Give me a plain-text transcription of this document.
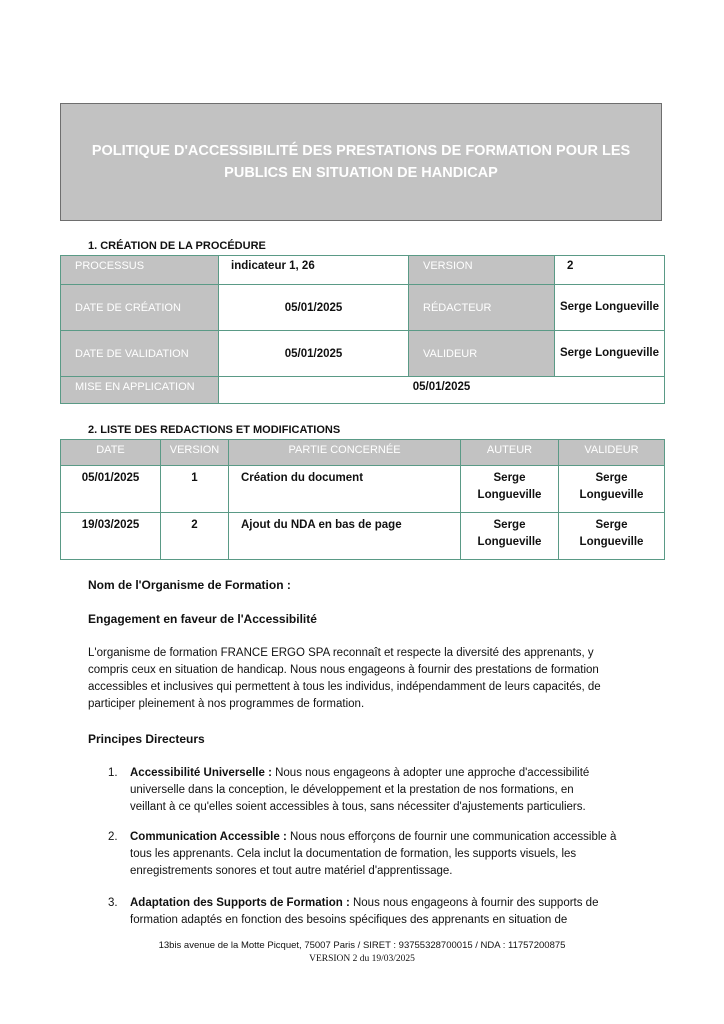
POLITIQUE D'ACCESSIBILITÉ DES PRESTATIONS DE FORMATION POUR LES
PUBLICS EN SITUATION DE HANDICAP
1. CRÉATION DE LA PROCÉDURE
PROCESSUS	indicateur 1, 26	VERSION	2
DATE DE CRÉATION	05/01/2025	RÉDACTEUR	Serge Longueville
DATE DE VALIDATION	05/01/2025	VALIDEUR	Serge Longueville
MISE EN APPLICATION	05/01/2025		
2. LISTE DES REDACTIONS ET MODIFICATIONS
DATE	VERSION	PARTIE CONCERNÉE	AUTEUR	VALIDEUR
05/01/2025	1	Création du document	Serge Longueville	Serge Longueville
19/03/2025	2	Ajout du NDA en bas de page	Serge Longueville	Serge Longueville
Nom de l'Organisme de Formation :
Engagement en faveur de l'Accessibilité
L'organisme de formation FRANCE ERGO SPA reconnaît et respecte la diversité des apprenants, y
compris ceux en situation de handicap. Nous nous engageons à fournir des prestations de formation
accessibles et inclusives qui permettent à tous les individus, indépendamment de leurs capacités, de
participer pleinement à nos programmes de formation.
Principes Directeurs
1. Accessibilité Universelle : Nous nous engageons à adopter une approche d'accessibilité
universelle dans la conception, le développement et la prestation de nos formations, en
veillant à ce qu'elles soient accessibles à tous, sans nécessiter d'ajustements particuliers.
2. Communication Accessible : Nous nous efforçons de fournir une communication accessible à
tous les apprenants. Cela inclut la documentation de formation, les supports visuels, les
enregistrements sonores et tout autre matériel d'apprentissage.
3. Adaptation des Supports de Formation : Nous nous engageons à fournir des supports de
formation adaptés en fonction des besoins spécifiques des apprenants en situation de
13bis avenue de la Motte Picquet, 75007 Paris / SIRET : 93755328700015 / NDA : 11757200875
VERSION 2 du 19/03/2025
